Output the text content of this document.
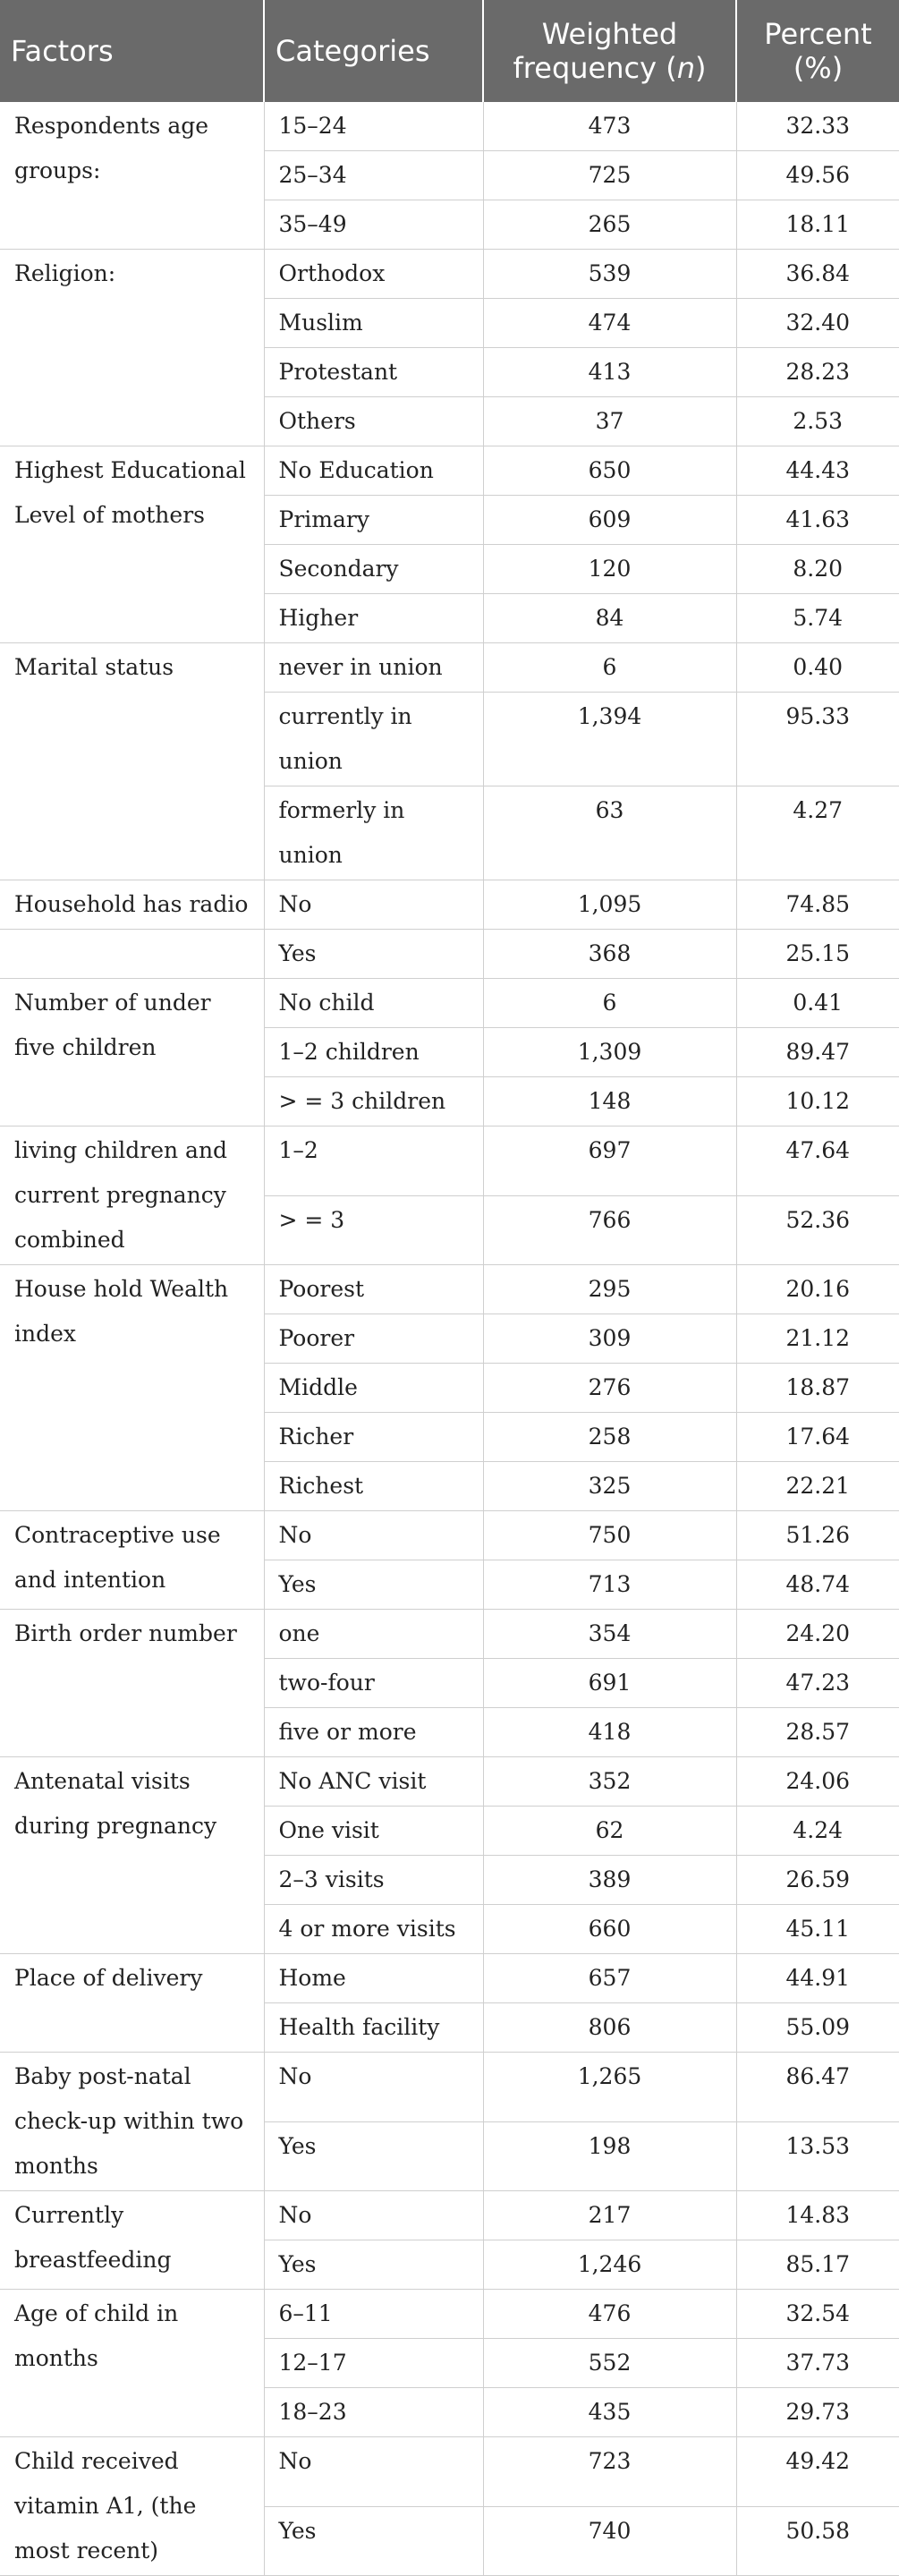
Factors	Categories	Weighted frequency (n)	Percent (%)
Respondents age groups:	15–24	473	32.33
	25–34	725	49.56
	35–49	265	18.11
Religion:	Orthodox	539	36.84
	Muslim	474	32.40
	Protestant	413	28.23
	Others	37	2.53
Highest Educational Level of mothers	No Education	650	44.43
	Primary	609	41.63
	Secondary	120	8.20
	Higher	84	5.74
Marital status	never in union	6	0.40
	currently in union	1,394	95.33
	formerly in union	63	4.27
Household has radio	No	1,095	74.85
	Yes	368	25.15
Number of under five children	No child	6	0.41
	1–2 children	1,309	89.47
	> = 3 children	148	10.12
living children and current pregnancy combined	1–2	697	47.64
	> = 3	766	52.36
House hold Wealth index	Poorest	295	20.16
	Poorer	309	21.12
	Middle	276	18.87
	Richer	258	17.64
	Richest	325	22.21
Contraceptive use and intention	No	750	51.26
	Yes	713	48.74
Birth order number	one	354	24.20
	two-four	691	47.23
	five or more	418	28.57
Antenatal visits during pregnancy	No ANC visit	352	24.06
	One visit	62	4.24
	2–3 visits	389	26.59
	4 or more visits	660	45.11
Place of delivery	Home	657	44.91
	Health facility	806	55.09
Baby post-natal check-up within two months	No	1,265	86.47
	Yes	198	13.53
Currently breastfeeding	No	217	14.83
	Yes	1,246	85.17
Age of child in months	6–11	476	32.54
	12–17	552	37.73
	18–23	435	29.73
Child received vitamin A1, (the most recent)	No	723	49.42
	Yes	740	50.58
